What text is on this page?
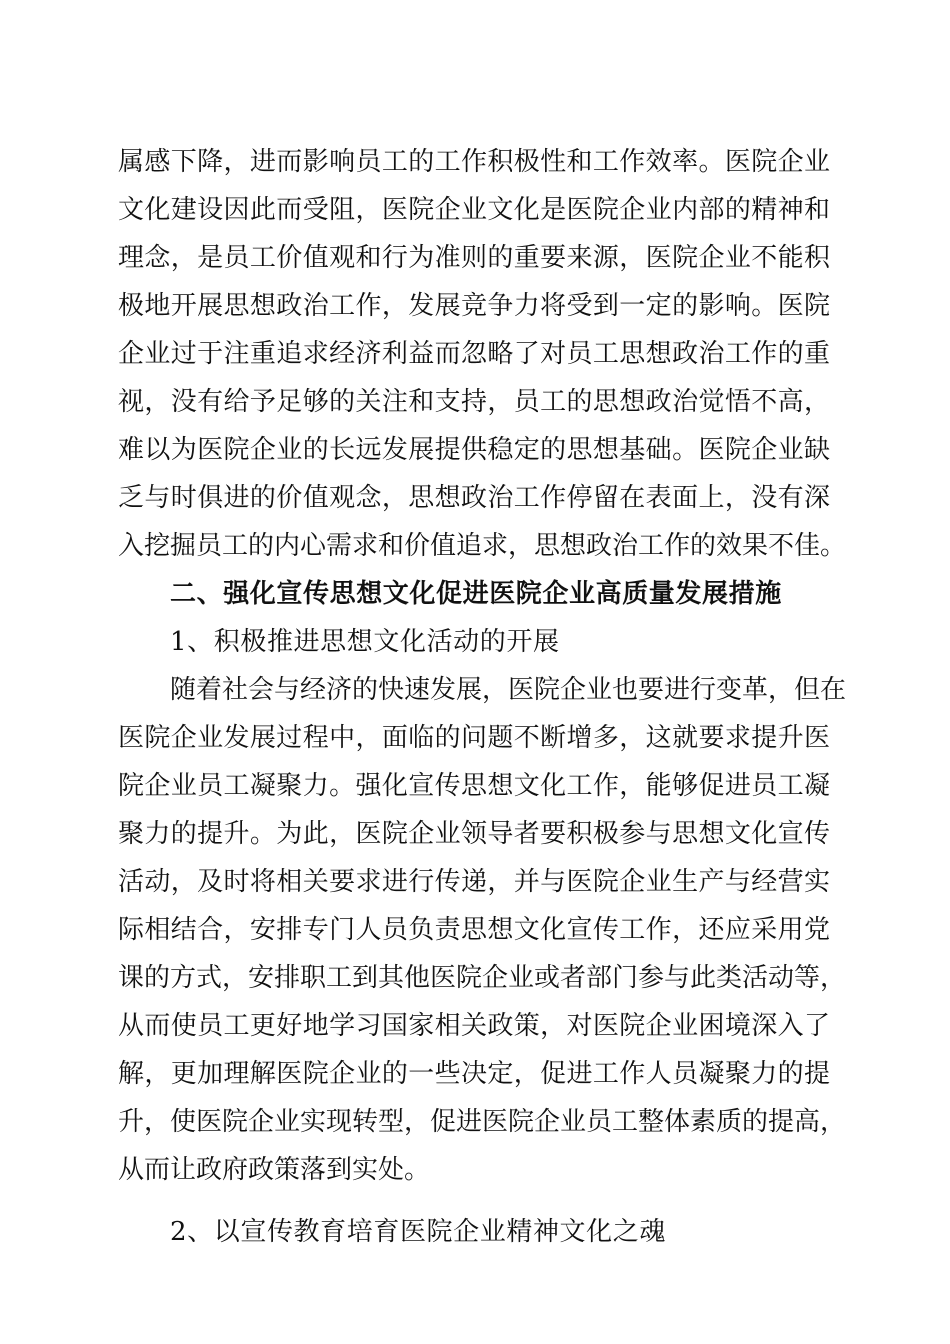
属感下降，进而影响员工的工作积极性和工作效率。医院企业
文化建设因此而受阻，医院企业文化是医院企业内部的精神和
理念，是员工价值观和行为准则的重要来源，医院企业不能积
极地开展思想政治工作，发展竞争力将受到一定的影响。医院
企业过于注重追求经济利益而忽略了对员工思想政治工作的重
视，没有给予足够的关注和支持，员工的思想政治觉悟不高，
难以为医院企业的长远发展提供稳定的思想基础。医院企业缺
乏与时俱进的价值观念，思想政治工作停留在表面上，没有深
入挖掘员工的内心需求和价值追求，思想政治工作的效果不佳。
二、强化宣传思想文化促进医院企业高质量发展措施
1、积极推进思想文化活动的开展
随着社会与经济的快速发展，医院企业也要进行变革，但在
医院企业发展过程中，面临的问题不断增多，这就要求提升医
院企业员工凝聚力。强化宣传思想文化工作，能够促进员工凝
聚力的提升。为此，医院企业领导者要积极参与思想文化宣传
活动，及时将相关要求进行传递，并与医院企业生产与经营实
际相结合，安排专门人员负责思想文化宣传工作，还应采用党
课的方式，安排职工到其他医院企业或者部门参与此类活动等，
从而使员工更好地学习国家相关政策，对医院企业困境深入了
解，更加理解医院企业的一些决定，促进工作人员凝聚力的提
升，使医院企业实现转型，促进医院企业员工整体素质的提高，
从而让政府政策落到实处。
2、以宣传教育培育医院企业精神文化之魂
